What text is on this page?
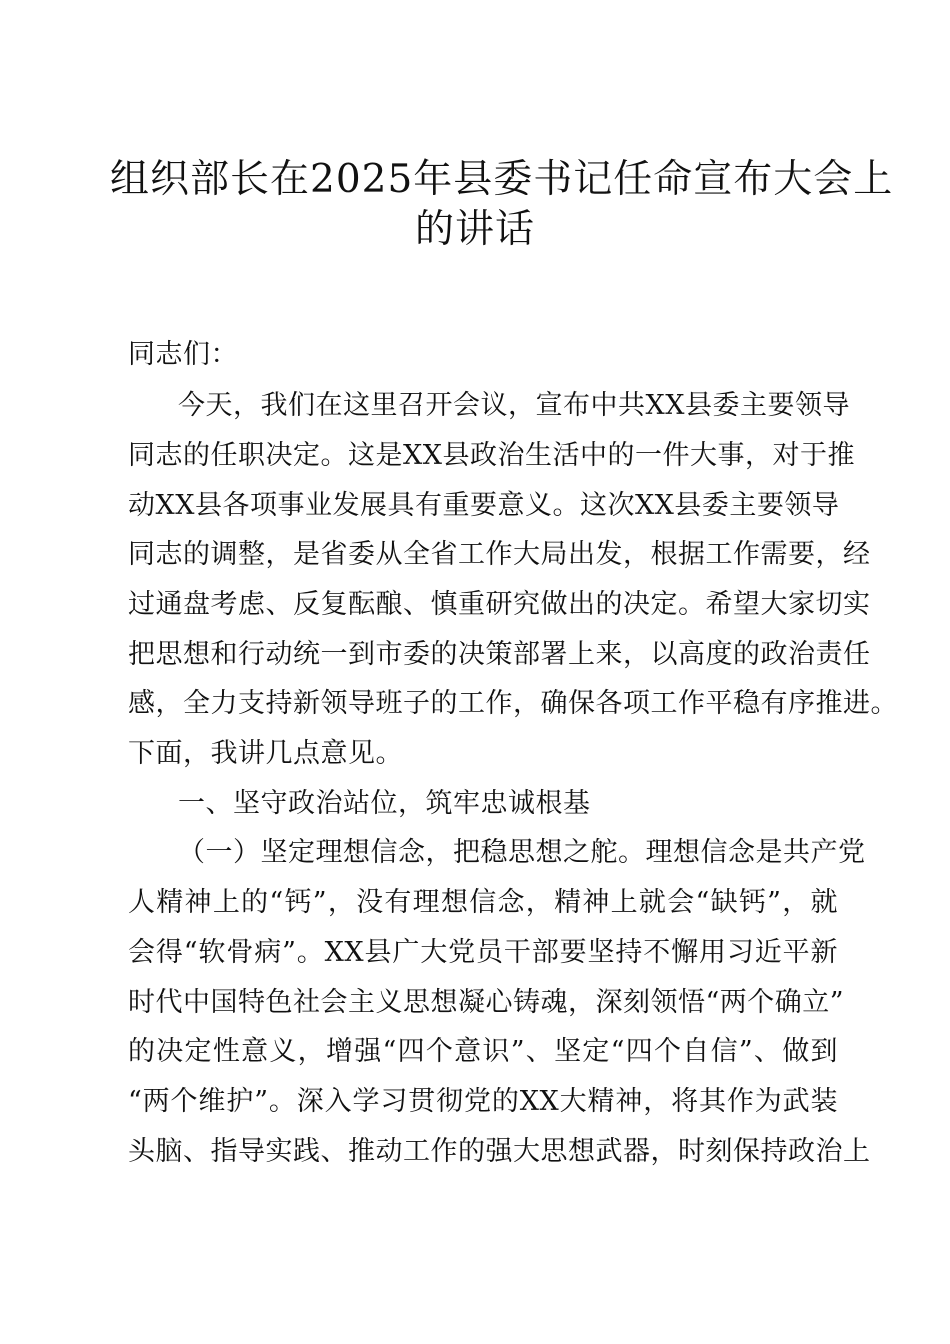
组织部长在2025年县委书记任命宣布大会上
的讲话
同志们：
今天，我们在这里召开会议，宣布中共XX县委主要领导
同志的任职决定。这是XX县政治生活中的一件大事，对于推
动XX县各项事业发展具有重要意义。这次XX县委主要领导
同志的调整，是省委从全省工作大局出发，根据工作需要，经
过通盘考虑、反复酝酿、慎重研究做出的决定。希望大家切实
把思想和行动统一到市委的决策部署上来，以高度的政治责任
感，全力支持新领导班子的工作，确保各项工作平稳有序推进。
下面，我讲几点意见。
一、坚守政治站位，筑牢忠诚根基
（一）坚定理想信念，把稳思想之舵。理想信念是共产党
人精神上的“钙”，没有理想信念，精神上就会“缺钙”，就
会得“软骨病”。XX县广大党员干部要坚持不懈用习近平新
时代中国特色社会主义思想凝心铸魂，深刻领悟“两个确立”
的决定性意义，增强“四个意识”、坚定“四个自信”、做到
“两个维护”。深入学习贯彻党的XX大精神，将其作为武装
头脑、指导实践、推动工作的强大思想武器，时刻保持政治上
